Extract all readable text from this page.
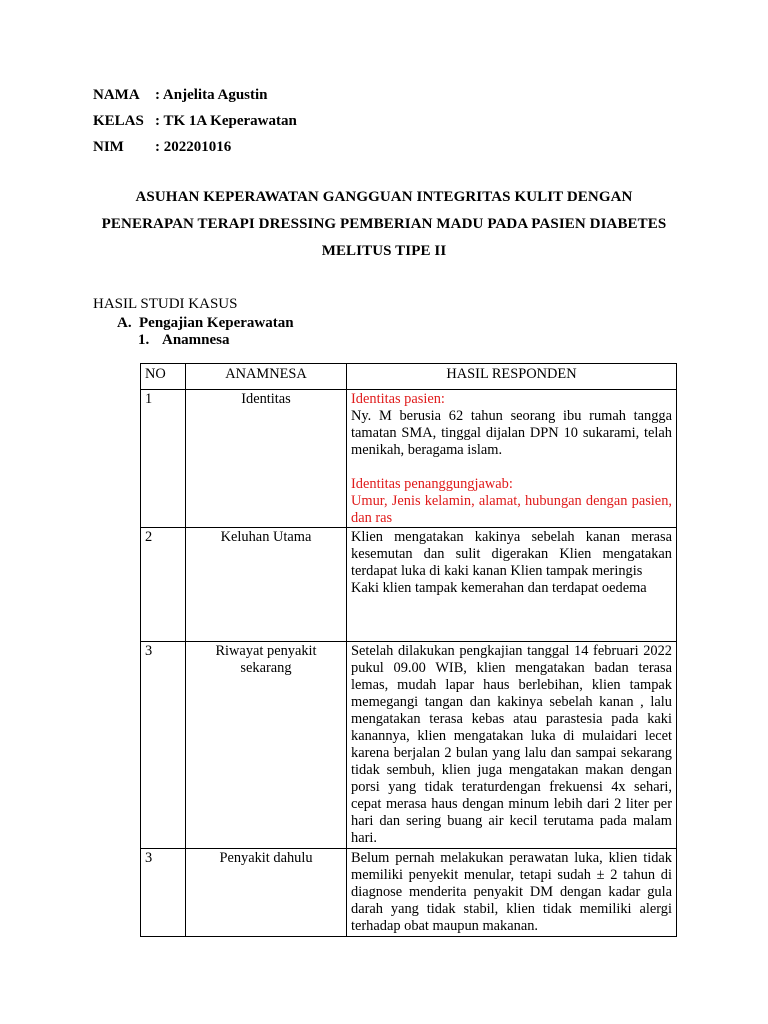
NAMA : Anjelita Agustin
KELAS : TK 1A Keperawatan
NIM : 202201016
ASUHAN KEPERAWATAN GANGGUAN INTEGRITAS KULIT DENGAN
PENERAPAN TERAPI DRESSING PEMBERIAN MADU PADA PASIEN DIABETES
MELITUS TIPE II
HASIL STUDI KASUS
A. Pengajian Keperawatan
1. Anamnesa
NO	ANAMNESA	HASIL RESPONDEN
1	Identitas	Identitas pasien:
Ny. M berusia 62 tahun seorang ibu rumah tangga tamatan SMA, tinggal dijalan DPN 10 sukarami, telah menikah, beragama islam.
Identitas penanggungjawab:
Umur, Jenis kelamin, alamat, hubungan dengan pasien, dan ras

2	Keluhan Utama	Klien mengatakan kakinya sebelah kanan merasa kesemutan dan sulit digerakan Klien mengatakan terdapat luka di kaki kanan Klien tampak meringis
Kaki klien tampak kemerahan dan terdapat oedema

3	Riwayat penyakit sekarang	Setelah dilakukan pengkajian tanggal 14 februari 2022 pukul 09.00 WIB, klien mengatakan badan terasa lemas, mudah lapar haus berlebihan, klien tampak memegangi tangan dan kakinya sebelah kanan , lalu mengatakan terasa kebas atau parastesia pada kaki kanannya, klien mengatakan luka di mulaidari lecet karena berjalan 2 bulan yang lalu dan sampai sekarang tidak sembuh, klien juga mengatakan makan dengan porsi yang tidak teraturdengan frekuensi 4x sehari, cepat merasa haus dengan minum lebih dari 2 liter per hari dan sering buang air kecil terutama pada malam hari.
3	Penyakit dahulu	Belum pernah melakukan perawatan luka, klien tidak memiliki penyekit menular, tetapi sudah ± 2 tahun di diagnose menderita penyakit DM dengan kadar gula darah yang tidak stabil, klien tidak memiliki alergi terhadap obat maupun makanan.
